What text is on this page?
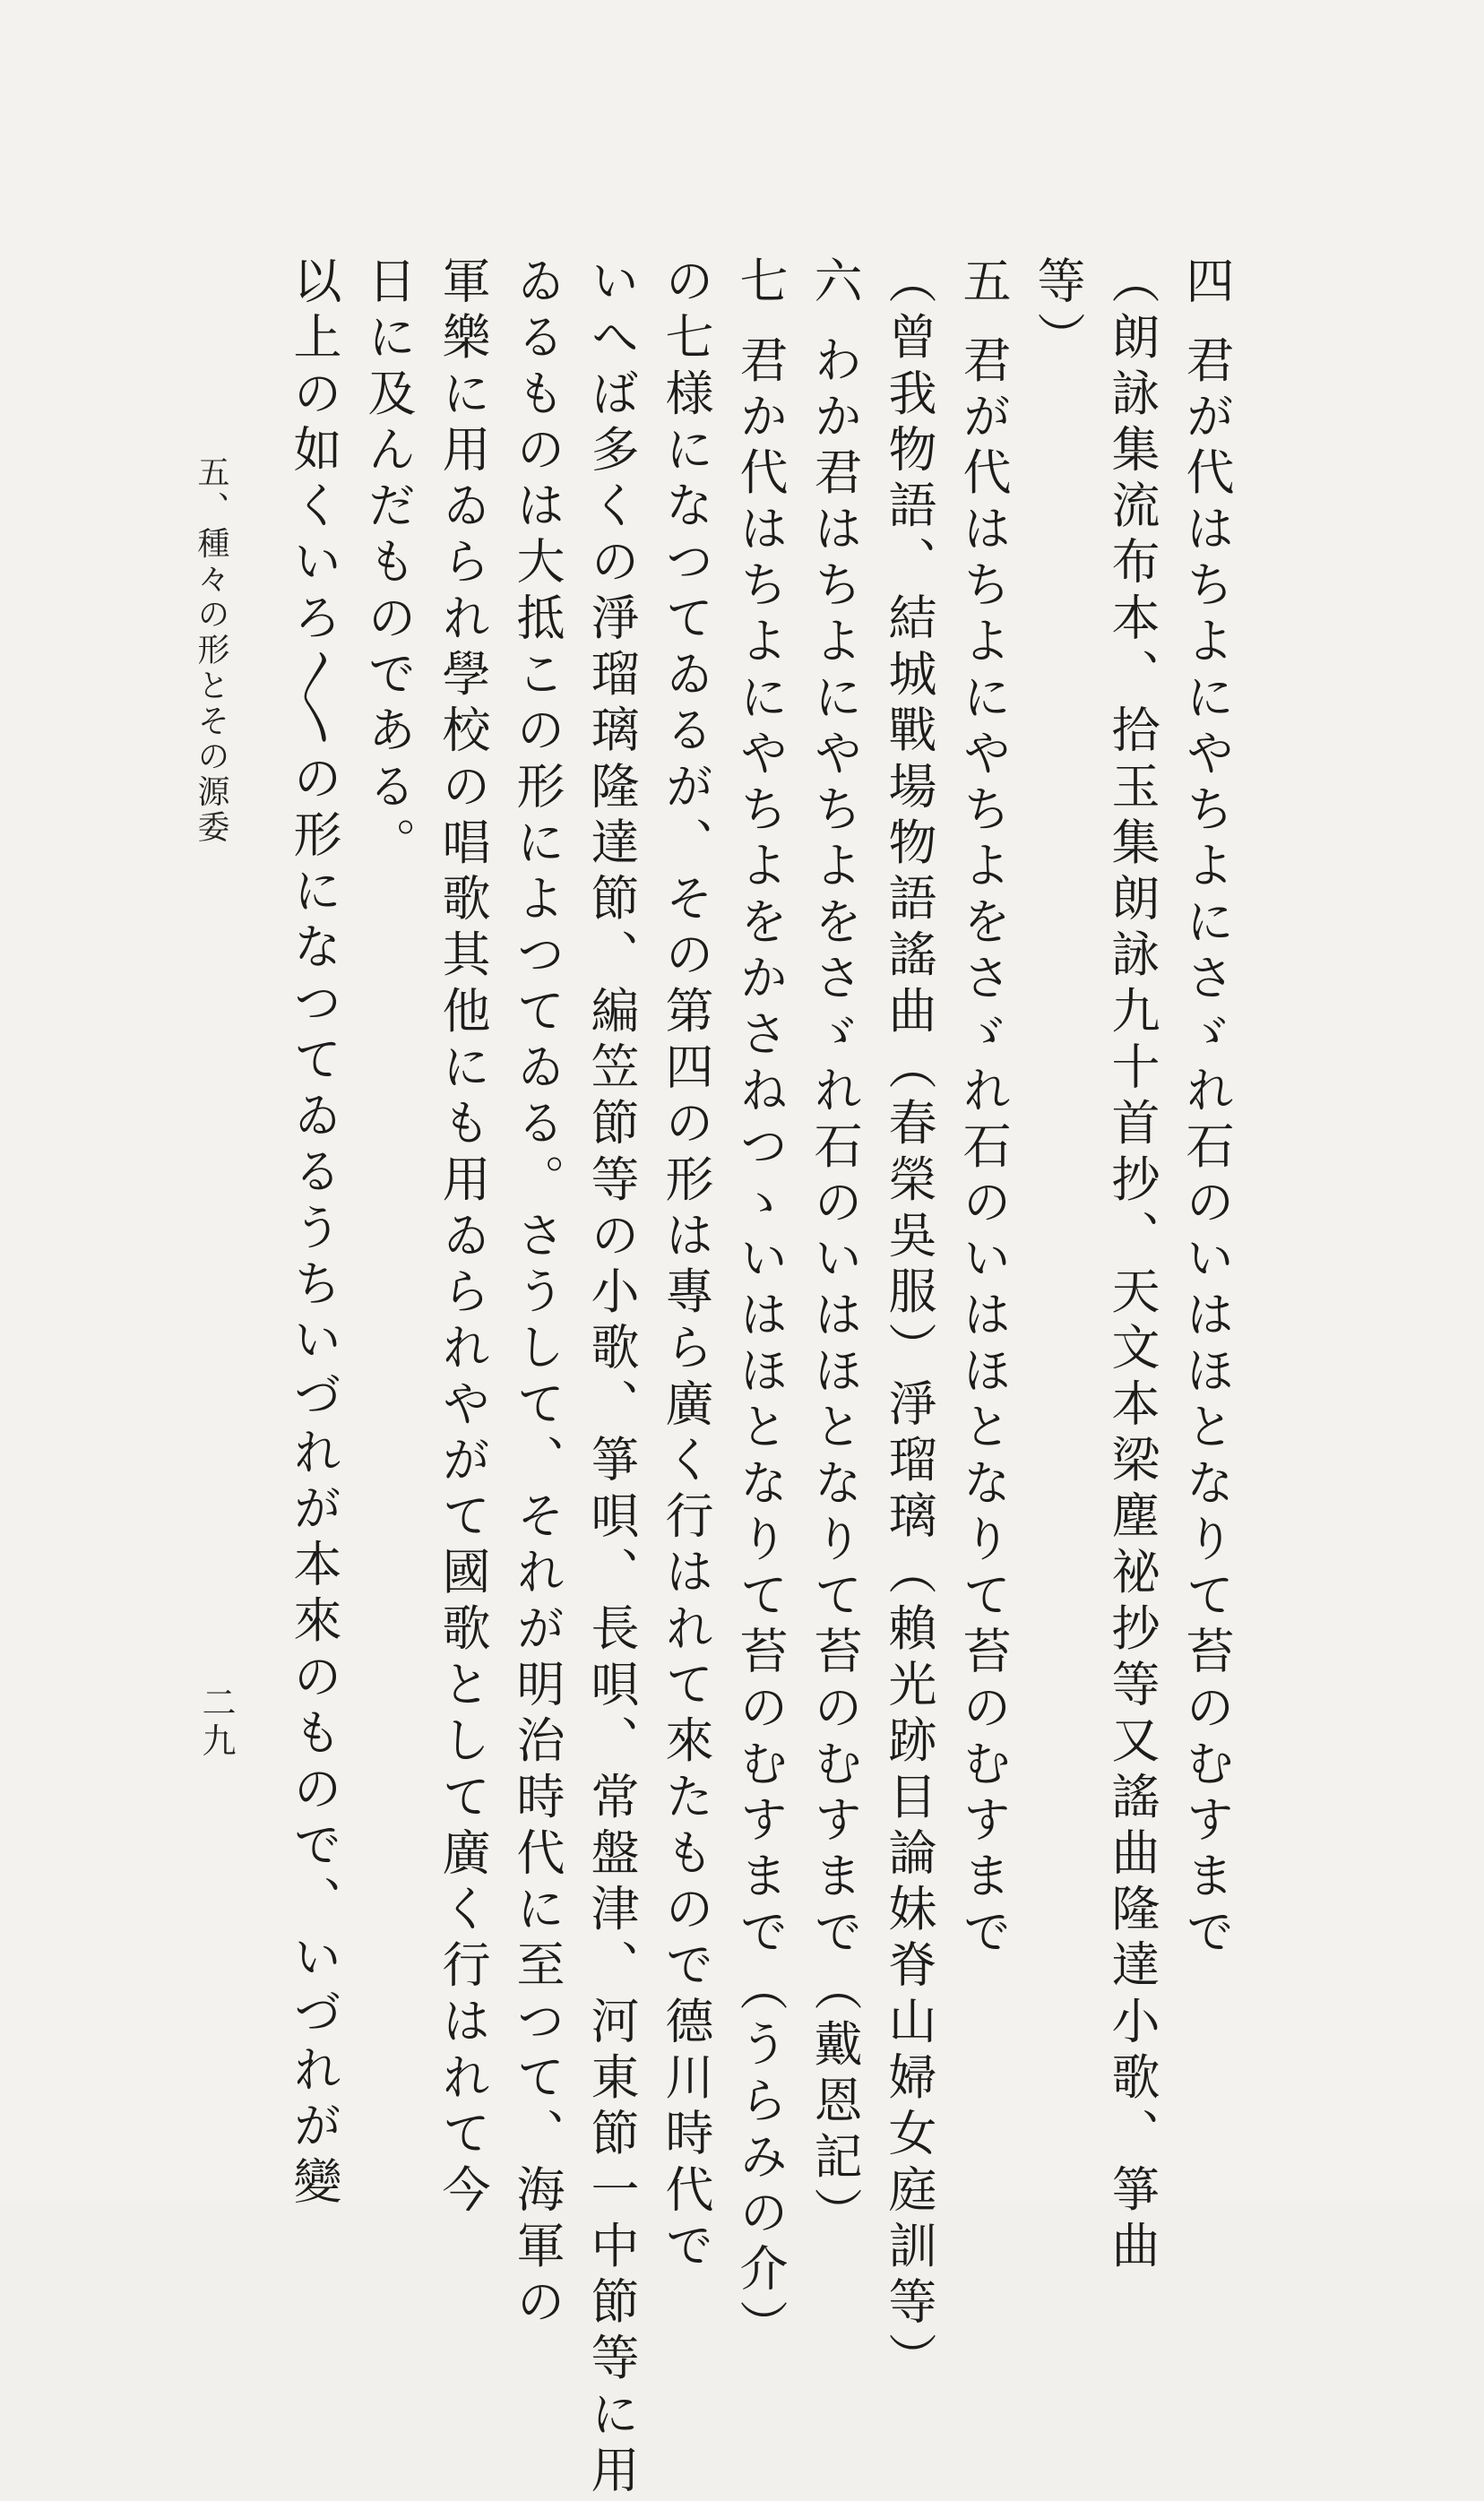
四 君が代はちよにやちよにさゞれ石のいはほとなりて苔のむすまで
（朗詠集流布本、拾玉集朗詠九十首抄、天文本梁塵祕抄等又謠曲隆達小歌、箏曲
等）
五 君が代はちよにやちよをさゞれ石のいはほとなりて苔のむすまで
（曾我物語、結城戰場物語謠曲（春榮吳服）淨瑠璃（賴光跡目論妹脊山婦女庭訓等）
六 わか君はちよにやちよをさゞれ石のいはほとなりて苔のむすまで（戴恩記）
七 君か代はちよにやちよをかさねつゝいはほとなりて苔のむすまで（うらみの介）
の七様になつてゐるが、その第四の形は專ら廣く行はれて來たもので德川時代で
いへば多くの淨瑠璃隆達節、編笠節等の小歌、箏唄、長唄、常盤津、河東節一中節等に用
ゐるものは大抵この形によつてゐる。さうして、それが明治時代に至つて、海軍の
軍樂に用ゐられ學校の唱歌其他にも用ゐられやがて國歌として廣く行はれて今
日に及んだものである。
以上の如くいろ〳〵の形になつてゐるうちいづれが本來のもので、いづれが變
五、種々の形とその源委
二九
